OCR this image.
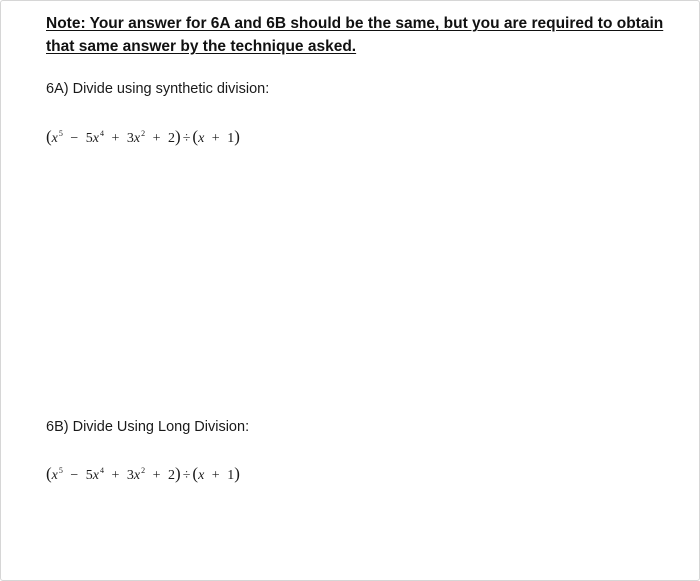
Note: Your answer for 6A and 6B should be the same, but you are required to obtain that same answer by the technique asked.
6A) Divide using synthetic division:
$(x^5 - 5x^4 + 3x^2 + 2) \div (x + 1)$
6B) Divide Using Long Division:
$(x^5 - 5x^4 + 3x^2 + 2) \div (x + 1)$
